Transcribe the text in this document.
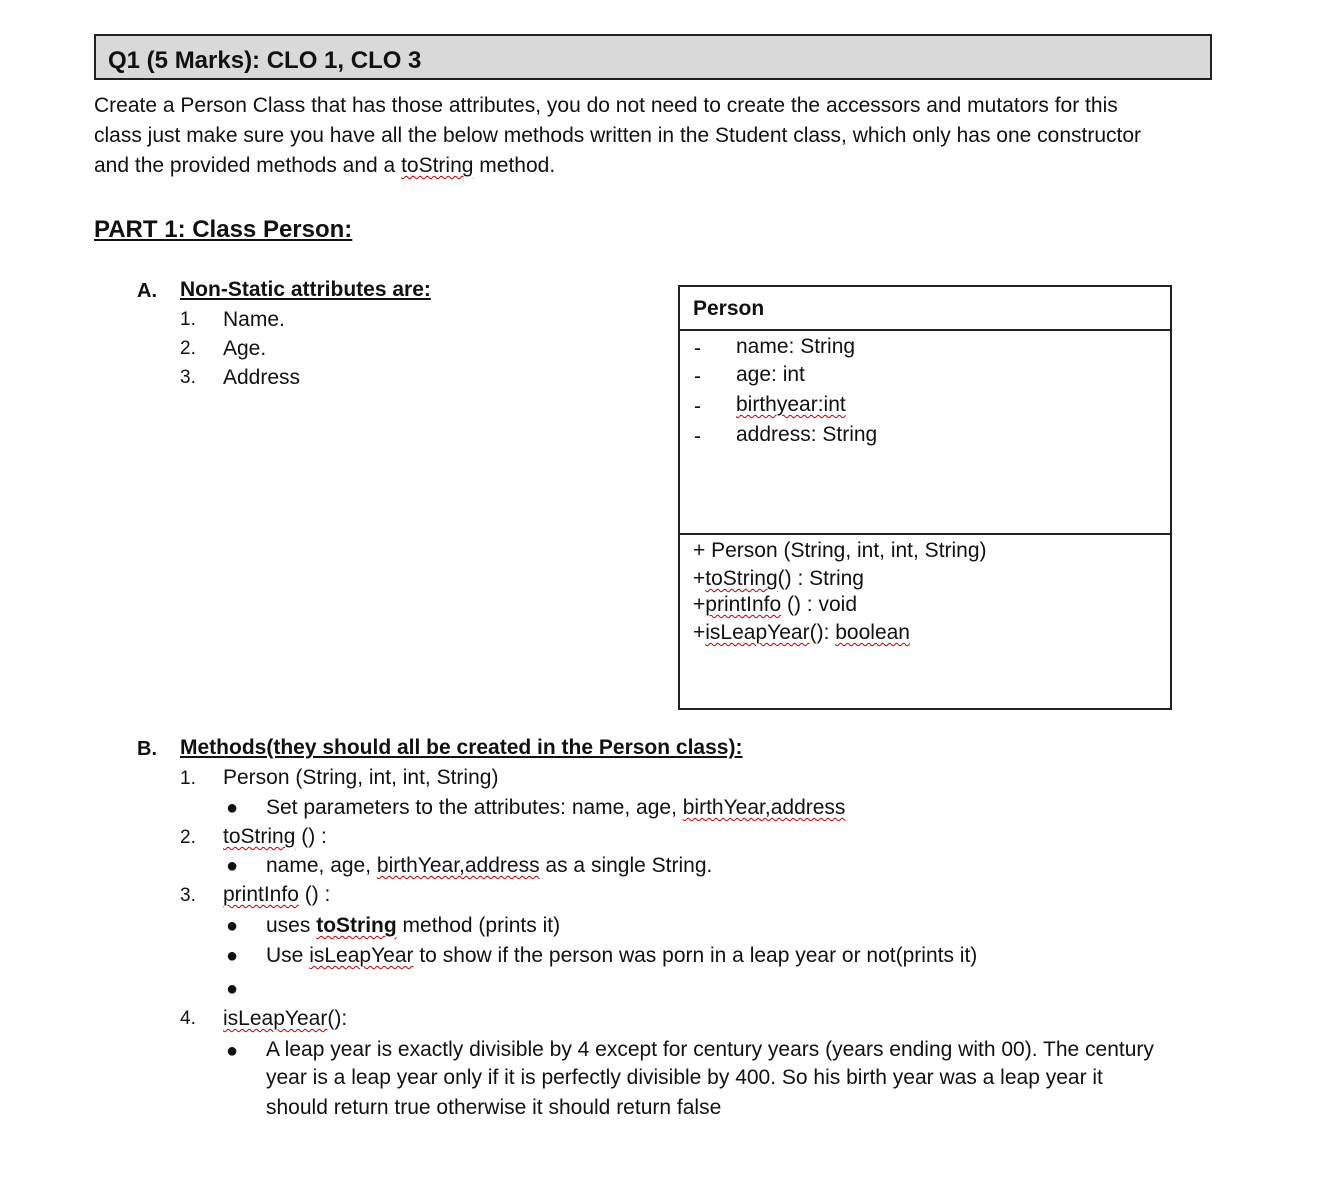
Q1 (5 Marks): CLO 1, CLO 3
Create a Person Class that has those attributes, you do not need to create the accessors and mutators for this
class just make sure you have all the below methods written in the Student class, which only has one constructor
and the provided methods and a toString method.
PART 1: Class Person:
A. Non-Static attributes are:
1. Name.
2. Age.
3. Address
Person
- name: String
- age: int
- birthyear:int
- address: String
+ Person (String, int, int, String)
+toString() : String
+printInfo () : void
+isLeapYear(): boolean
B. Methods(they should all be created in the Person class):
1. Person (String, int, int, String)
● Set parameters to the attributes: name, age, birthYear,address
2. toString () :
● name, age, birthYear,address as a single String.
3. printInfo () :
● uses toString method (prints it)
● Use isLeapYear to show if the person was porn in a leap year or not(prints it)
●
4. isLeapYear():
● A leap year is exactly divisible by 4 except for century years (years ending with 00). The century
year is a leap year only if it is perfectly divisible by 400. So his birth year was a leap year it
should return true otherwise it should return false
